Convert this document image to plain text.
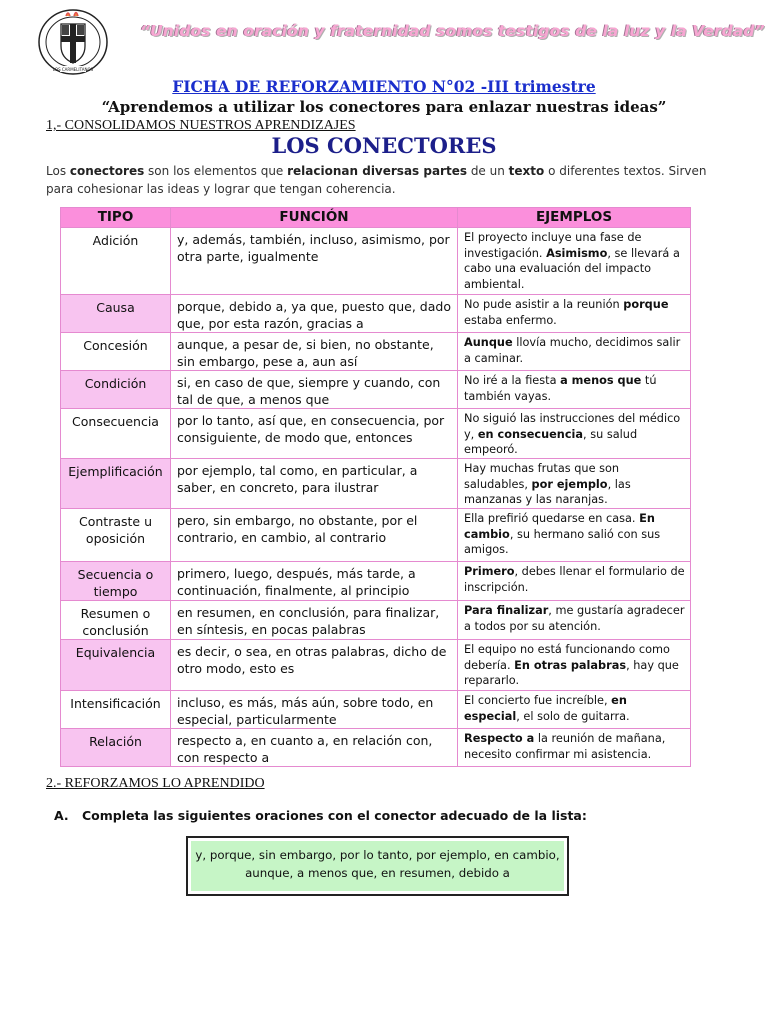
LOS CARMELITANOS
“Unidos en oración y fraternidad somos testigos de la luz y la Verdad”
FICHA DE REFORZAMIENTO N°02 -III trimestre
“Aprendemos a utilizar los conectores para enlazar nuestras ideas”
1,- CONSOLIDAMOS NUESTROS APRENDIZAJES
LOS CONECTORES
Los conectores son los elementos que relacionan diversas partes de un texto o diferentes textos. Sirven para cohesionar las ideas y lograr que tengan coherencia.
TIPO	FUNCIÓN	EJEMPLOS
Adición	y, además, también, incluso, asimismo, por otra parte, igualmente	El proyecto incluye una fase de investigación. Asimismo, se llevará a cabo una evaluación del impacto ambiental.
Causa	porque, debido a, ya que, puesto que, dado que, por esta razón, gracias a	No pude asistir a la reunión porque estaba enfermo.
Concesión	aunque, a pesar de, si bien, no obstante, sin embargo, pese a, aun así	Aunque llovía mucho, decidimos salir a caminar.
Condición	si, en caso de que, siempre y cuando, con tal de que, a menos que	No iré a la fiesta a menos que tú también vayas.
Consecuencia	por lo tanto, así que, en consecuencia, por consiguiente, de modo que, entonces	No siguió las instrucciones del médico y, en consecuencia, su salud empeoró.
Ejemplificación	por ejemplo, tal como, en particular, a saber, en concreto, para ilustrar	Hay muchas frutas que son saludables, por ejemplo, las manzanas y las naranjas.
Contraste u oposición	pero, sin embargo, no obstante, por el contrario, en cambio, al contrario	Ella prefirió quedarse en casa. En cambio, su hermano salió con sus amigos.
Secuencia o tiempo	primero, luego, después, más tarde, a continuación, finalmente, al principio	Primero, debes llenar el formulario de inscripción.
Resumen o conclusión	en resumen, en conclusión, para finalizar, en síntesis, en pocas palabras	Para finalizar, me gustaría agradecer a todos por su atención.
Equivalencia	es decir, o sea, en otras palabras, dicho de otro modo, esto es	El equipo no está funcionando como debería. En otras palabras, hay que repararlo.
Intensificación	incluso, es más, más aún, sobre todo, en especial, particularmente	El concierto fue increíble, en especial, el solo de guitarra.
Relación	respecto a, en cuanto a, en relación con, con respecto a	Respecto a la reunión de mañana, necesito confirmar mi asistencia.
2.- REFORZAMOS LO APRENDIDO
A. Completa las siguientes oraciones con el conector adecuado de la lista:
y, porque, sin embargo, por lo tanto, por ejemplo, en cambio, aunque, a menos que, en resumen, debido a
